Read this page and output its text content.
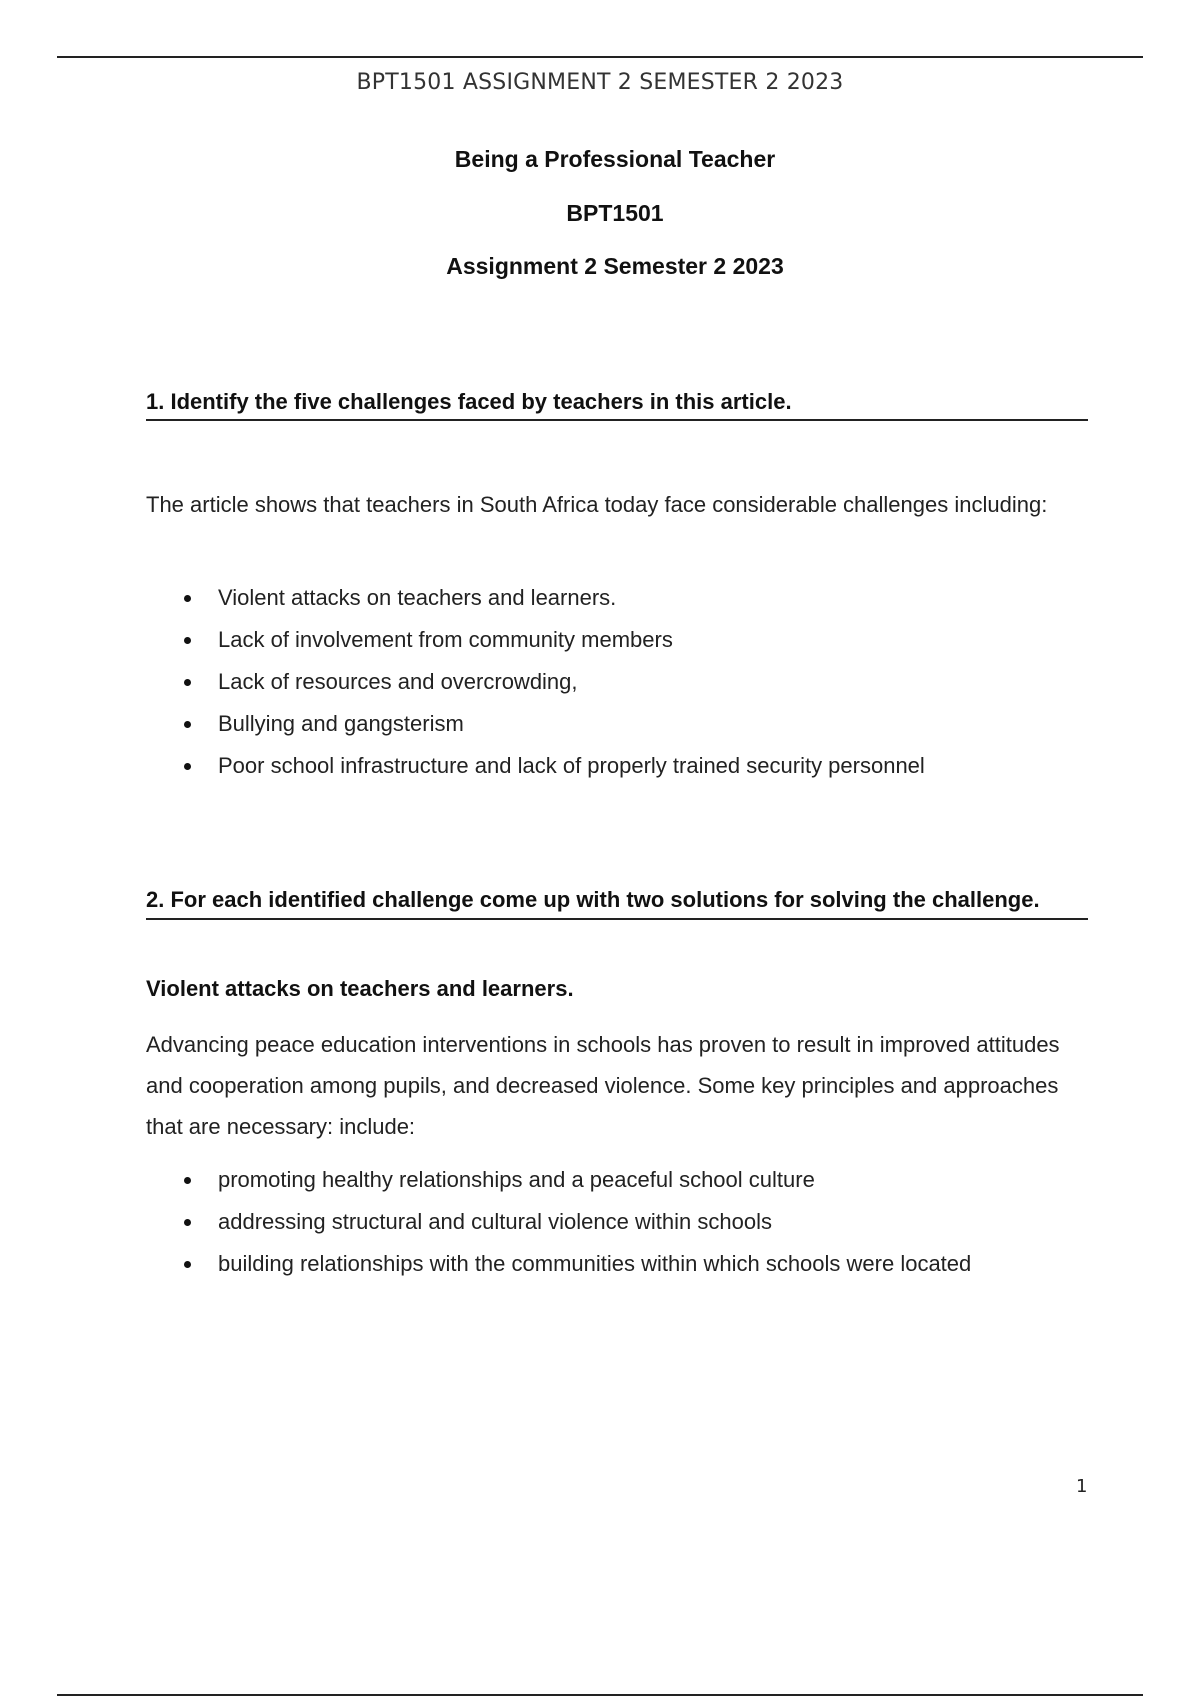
BPT1501 ASSIGNMENT 2 SEMESTER 2 2023
Being a Professional Teacher
BPT1501
Assignment 2 Semester 2 2023
1. Identify the five challenges faced by teachers in this article.

The article shows that teachers in South Africa today face considerable challenges including:

Violent attacks on teachers and learners.
Lack of involvement from community members
Lack of resources and overcrowding,
Bullying and gangsterism
Poor school infrastructure and lack of properly trained security personnel
2. For each identified challenge come up with two solutions for solving the challenge.
Violent attacks on teachers and learners.

Advancing peace education interventions in schools has proven to result in improved attitudes and cooperation among pupils, and decreased violence. Some key principles and approaches that are necessary: include:

promoting healthy relationships and a peaceful school culture
addressing structural and cultural violence within schools
building relationships with the communities within which schools were located
1
